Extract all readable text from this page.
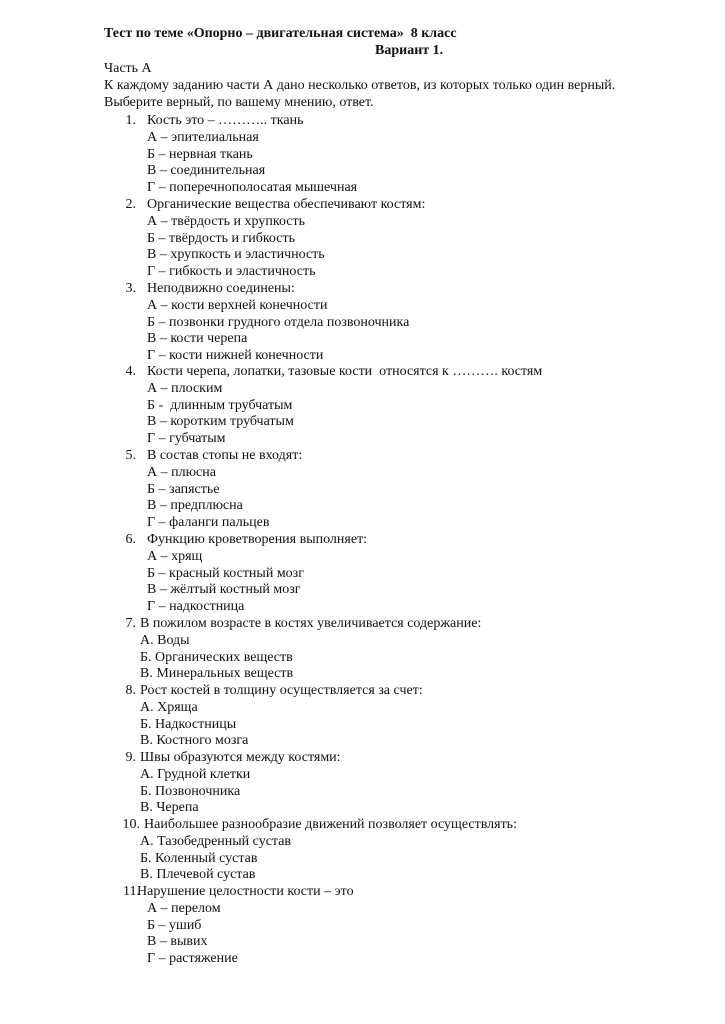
Тест по теме «Опорно – двигательная система»  8 класс
Вариант 1.
Часть А
К каждому заданию части А дано несколько ответов, из которых только один верный.
Выберите верный, по вашему мнению, ответ.
1. Кость это – ……….. ткань
А – эпителиальная
Б – нервная ткань
В – соединительная
Г – поперечнополосатая мышечная
2. Органические вещества обеспечивают костям:
А – твёрдость и хрупкость
Б – твёрдость и гибкость
В – хрупкость и эластичность
Г – гибкость и эластичность
3. Неподвижно соединены:
А – кости верхней конечности
Б – позвонки грудного отдела позвоночника
В – кости черепа
Г – кости нижней конечности
4. Кости черепа, лопатки, тазовые кости  относятся к ………. костям
А – плоским
Б -  длинным трубчатым
В – коротким трубчатым
Г – губчатым
5. В состав стопы не входят:
А – плюсна
Б – запястье
В – предплюсна
Г – фаланги пальцев
6. Функцию кроветворения выполняет:
А – хрящ
Б – красный костный мозг
В – жёлтый костный мозг
Г – надкостница
7. В пожилом возрасте в костях увеличивается содержание:
А. Воды
Б. Органических веществ
В. Минеральных веществ
8. Рост костей в толщину осуществляется за счет:
А. Хряща
Б. Надкостницы
В. Костного мозга
9. Швы образуются между костями:
А. Грудной клетки
Б. Позвоночника
В. Черепа
10. Наибольшее разнообразие движений позволяет осуществлять:
А. Тазобедренный сустав
Б. Коленный сустав
В. Плечевой сустав
11.
Нарушение целостности кости – это
А – перелом
Б – ушиб
В – вывих
Г – растяжение
